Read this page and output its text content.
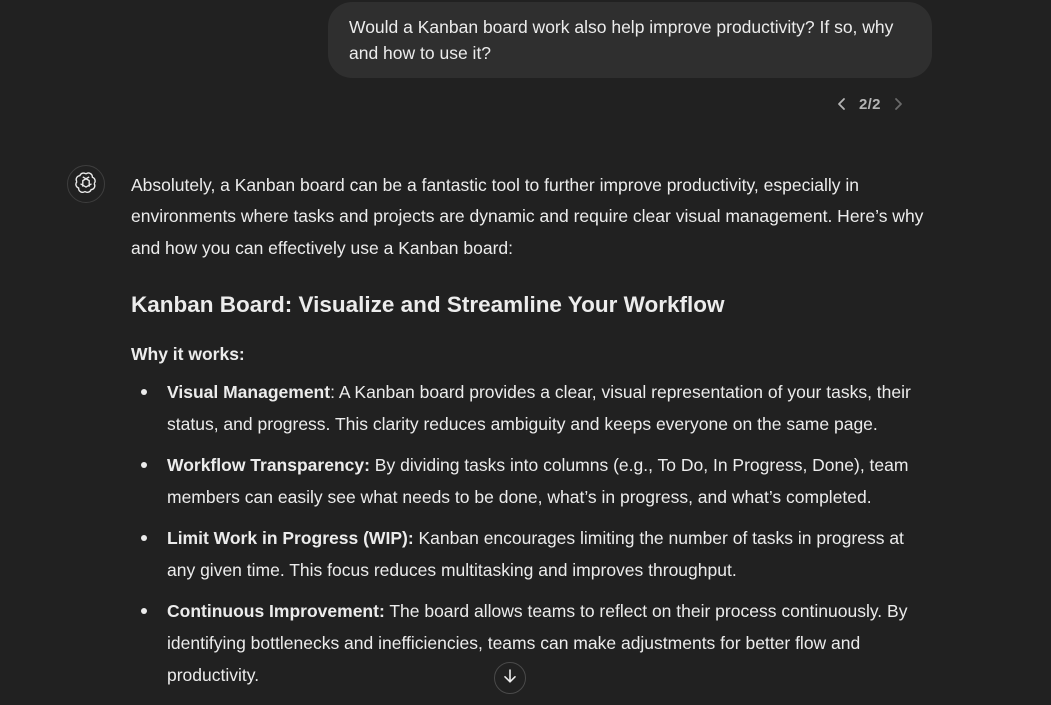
Would a Kanban board work also help improve productivity? If so, why and how to use it?
2/2

Absolutely, a Kanban board can be a fantastic tool to further improve productivity, especially in environments where tasks and projects are dynamic and require clear visual management. Here’s why and how you can effectively use a Kanban board:

Kanban Board: Visualize and Streamline Your Workflow

Why it works:

Visual Management: A Kanban board provides a clear, visual representation of your tasks, their status, and progress. This clarity reduces ambiguity and keeps everyone on the same page.
Workflow Transparency: By dividing tasks into columns (e.g., To Do, In Progress, Done), team members can easily see what needs to be done, what’s in progress, and what’s completed.
Limit Work in Progress (WIP): Kanban encourages limiting the number of tasks in progress at any given time. This focus reduces multitasking and improves throughput.
Continuous Improvement: The board allows teams to reflect on their process continuously. By identifying bottlenecks and inefficiencies, teams can make adjustments for better flow and productivity.
